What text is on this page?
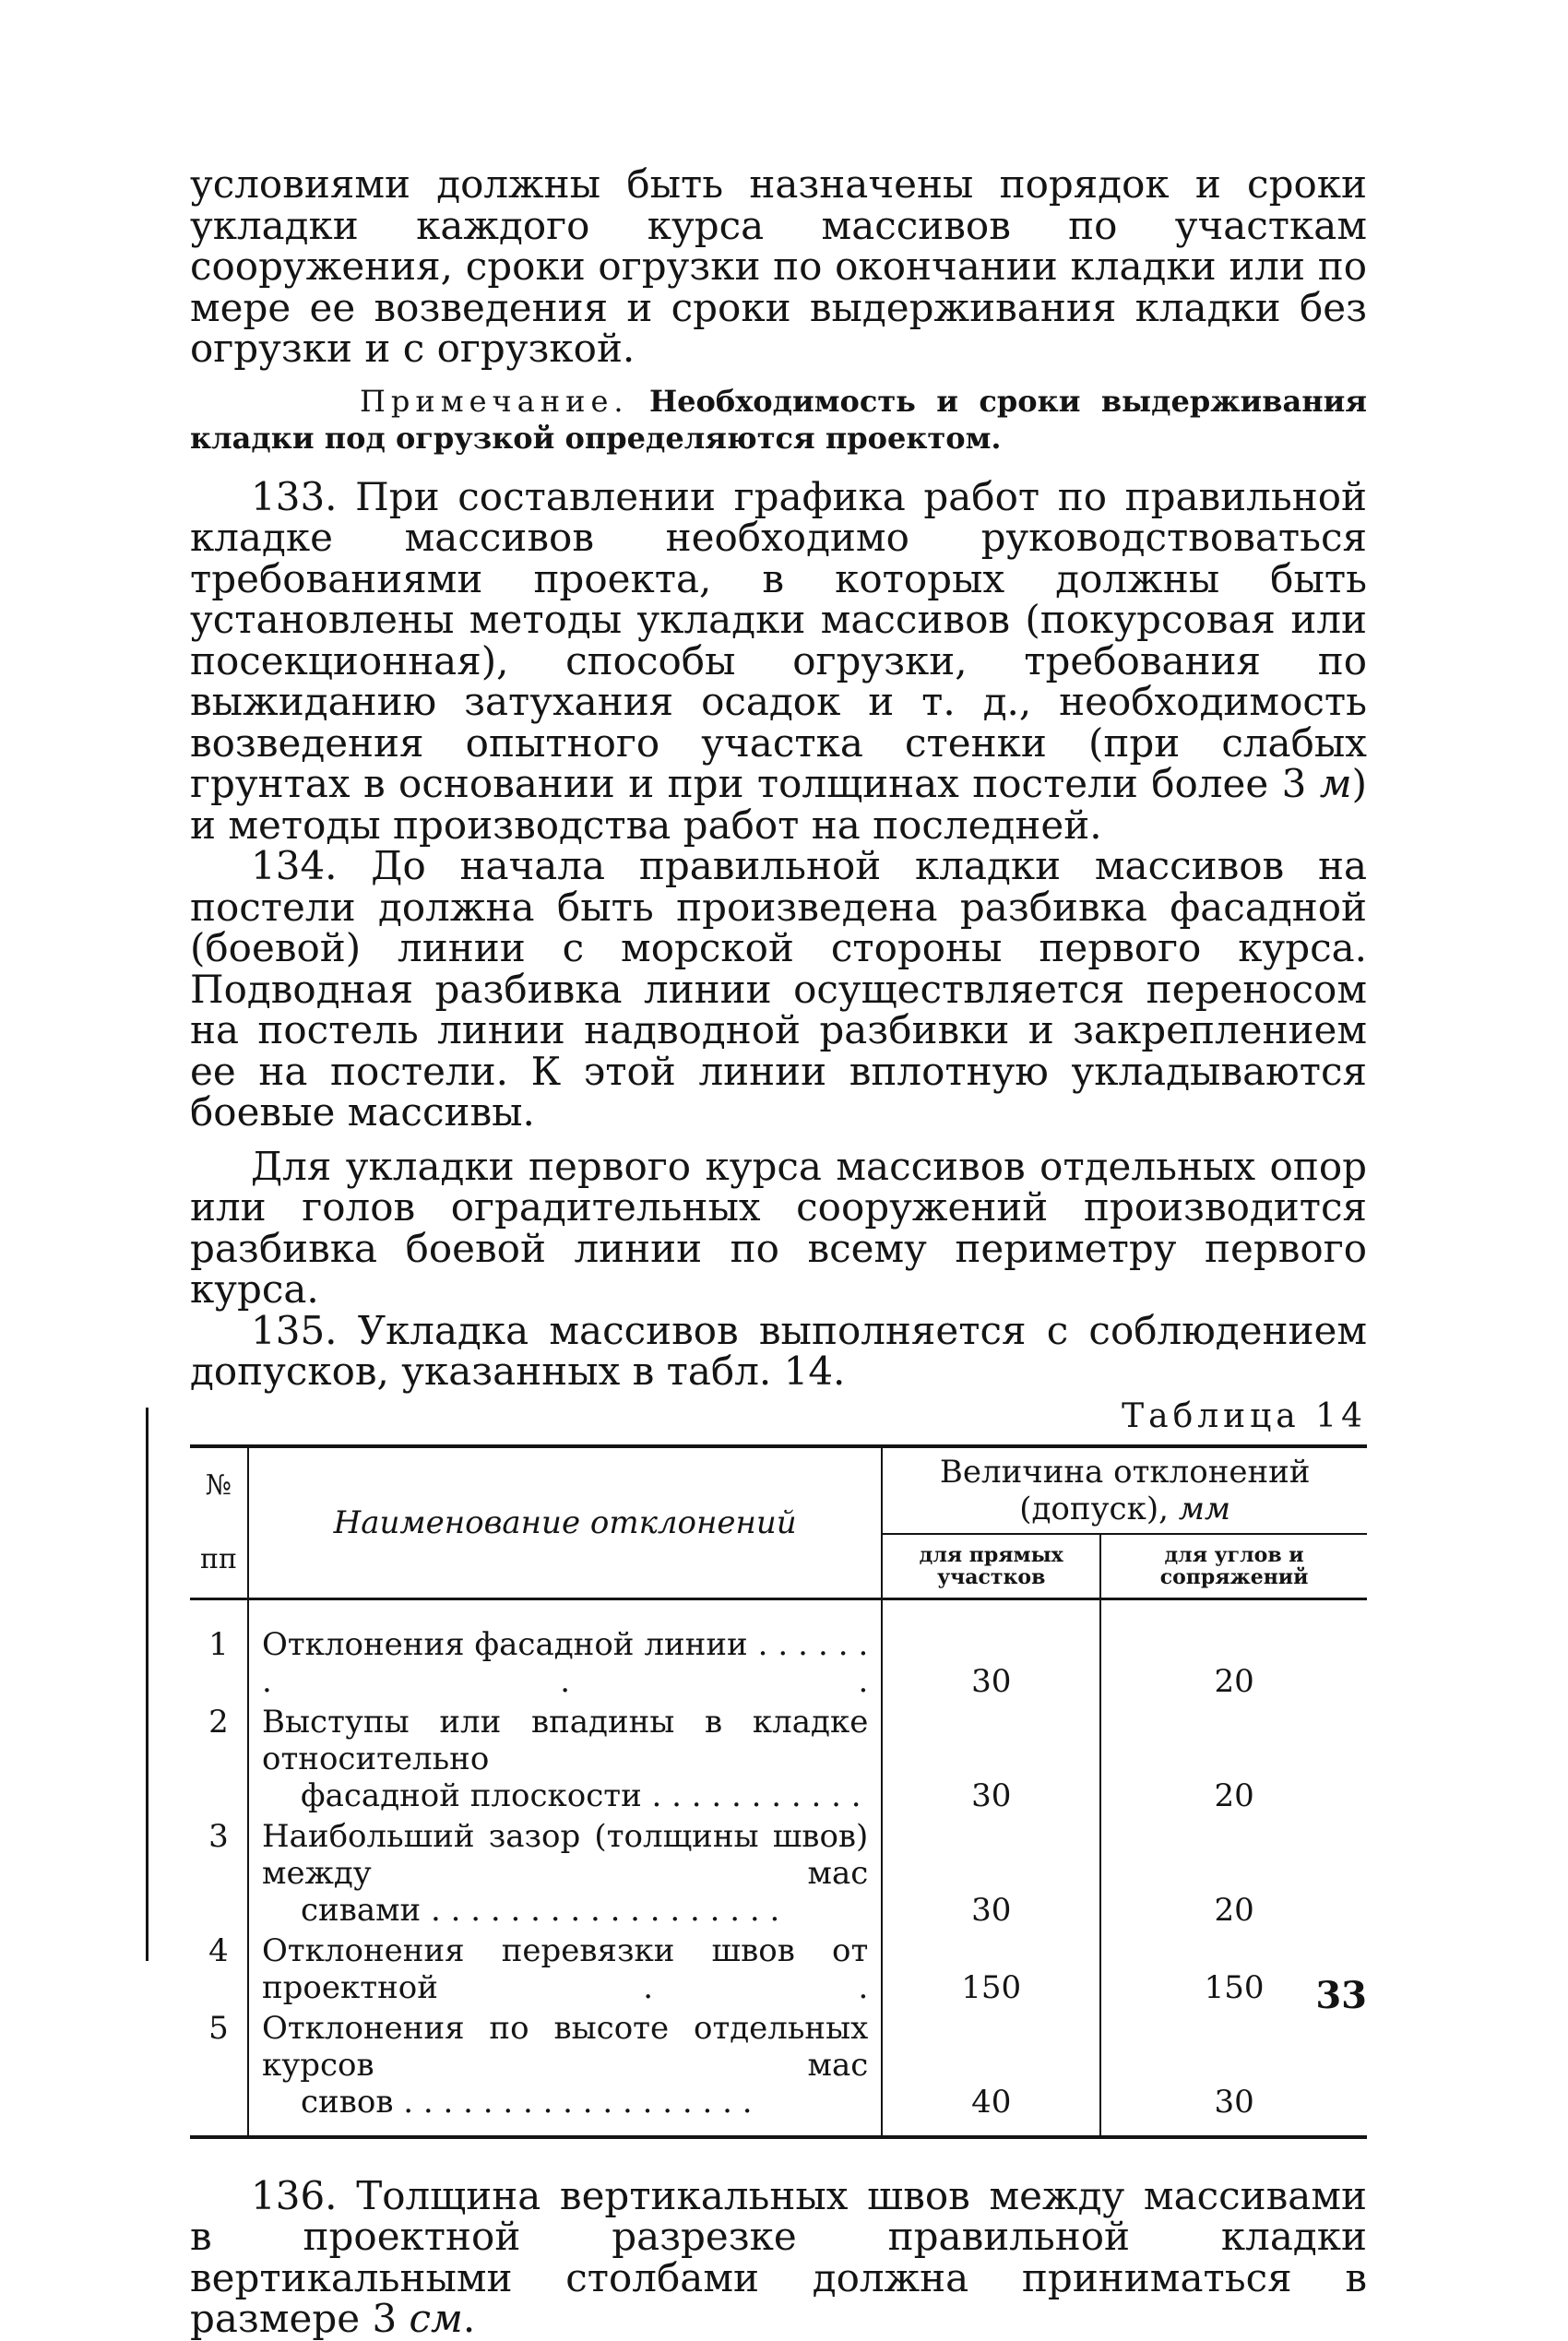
условиями должны быть назначены порядок и сроки укладки каждого курса массивов по участкам сооружения, сроки огрузки по окончании кладки или по мере ее возведения и сроки выдерживания кладки без огрузки и с огрузкой.

Примечание. Необходимость и сроки выдерживания кладки под огрузкой определяются проектом.

133. При составлении графика работ по правильной кладке массивов необходимо руководствоваться требованиями проекта, в которых должны быть установлены методы укладки массивов (покурсовая или посекционная), способы огрузки, требования по выжиданию затухания осадок и т. д., необходимость возведения опытного участка стенки (при слабых грунтах в основании и при толщинах постели более 3 м) и методы производства работ на последней.

134. До начала правильной кладки массивов на постели должна быть произведена разбивка фасадной (боевой) линии с морской стороны первого курса. Подводная разбивка линии осуществляется переносом на постель линии надводной разбивки и закреплением ее на постели. К этой линии вплотную укладываются боевые массивы.

Для укладки первого курса массивов отдельных опор или голов оградительных сооружений производится разбивка боевой линии по всему периметру первого курса.

135. Укладка массивов выполняется с соблюдением допусков, указанных в табл. 14.

Таблица 14
№

пп	Наименование отклонений	Величина отклонений (допуск), мм	
		для прямых участков	для углов и сопряжений
1	Отклонения фасадной линии . . . . . . . . .	30	20
2	Выступы или впадины в кладке относительно
фасадной плоскости . . . . . . . . . . .	30	20
3	Наибольший зазор (толщины швов) между мас
сивами . . . . . . . . . . . . . . . . . .	30	20
4	Отклонения перевязки швов от проектной . .	150	150
5	Отклонения по высоте отдельных курсов мас
сивов . . . . . . . . . . . . . . . . . .	40	30

136. Толщина вертикальных швов между массивами в проектной разрезке правильной кладки вертикальными столбами должна приниматься в размере 3 см.

33
